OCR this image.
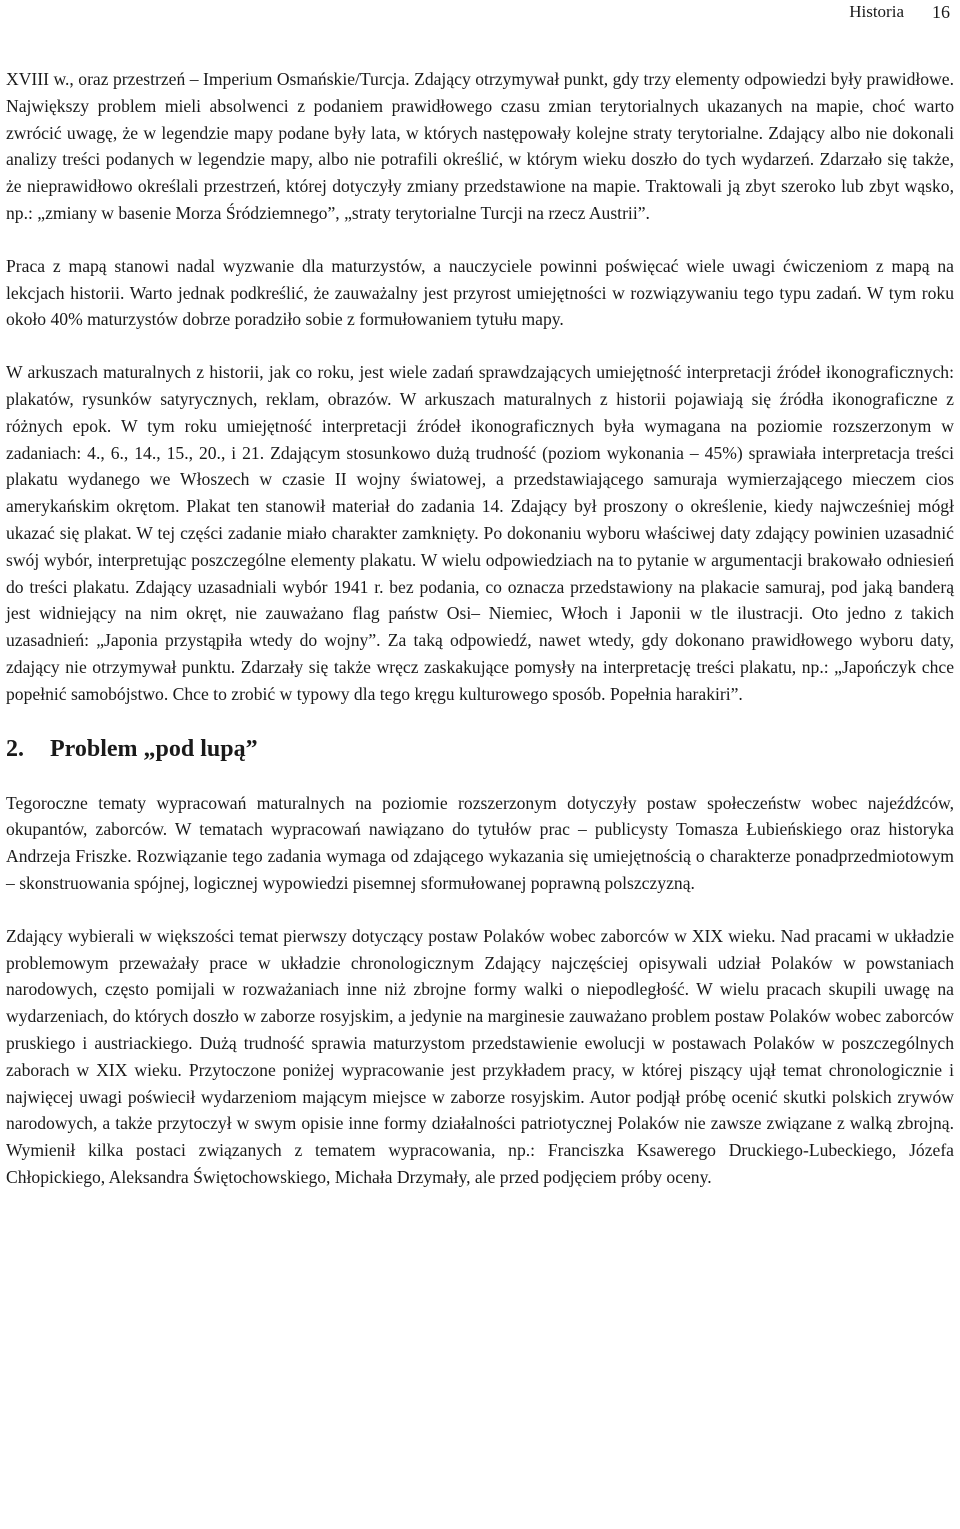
Historia 16

XVIII w., oraz przestrzeń – Imperium Osmańskie/Turcja. Zdający otrzymywał punkt, gdy trzy elementy odpowiedzi były prawidłowe. Największy problem mieli absolwenci z podaniem prawidłowego czasu zmian terytorialnych ukazanych na mapie, choć warto zwrócić uwagę, że w legendzie mapy podane były lata, w których następowały kolejne straty terytorialne. Zdający albo nie dokonali analizy treści podanych w legendzie mapy, albo nie potrafili określić, w którym wieku doszło do tych wydarzeń. Zdarzało się także, że nieprawidłowo określali przestrzeń, której dotyczyły zmiany przedstawione na mapie. Traktowali ją zbyt szeroko lub zbyt wąsko, np.: „zmiany w basenie Morza Śródziemnego”, „straty terytorialne Turcji na rzecz Austrii”.

Praca z mapą stanowi nadal wyzwanie dla maturzystów, a nauczyciele powinni poświęcać wiele uwagi ćwiczeniom z mapą na lekcjach historii. Warto jednak podkreślić, że zauważalny jest przyrost umiejętności w rozwiązywaniu tego typu zadań. W tym roku około 40% maturzystów dobrze poradziło sobie z formułowaniem tytułu mapy.

W arkuszach maturalnych z historii, jak co roku, jest wiele zadań sprawdzających umiejętność interpretacji źródeł ikonograficznych: plakatów, rysunków satyrycznych, reklam, obrazów. W arkuszach maturalnych z historii pojawiają się źródła ikonograficzne z różnych epok. W tym roku umiejętność interpretacji źródeł ikonograficznych była wymagana na poziomie rozszerzonym w zadaniach: 4., 6., 14., 15., 20., i 21. Zdającym stosunkowo dużą trudność (poziom wykonania – 45%) sprawiała interpretacja treści plakatu wydanego we Włoszech w czasie II wojny światowej, a przedstawiającego samuraja wymierzającego mieczem cios amerykańskim okrętom. Plakat ten stanowił materiał do zadania 14. Zdający był proszony o określenie, kiedy najwcześniej mógł ukazać się plakat. W tej części zadanie miało charakter zamknięty. Po dokonaniu wyboru właściwej daty zdający powinien uzasadnić swój wybór, interpretując poszczególne elementy plakatu. W wielu odpowiedziach na to pytanie w argumentacji brakowało odniesień do treści plakatu. Zdający uzasadniali wybór 1941 r. bez podania, co oznacza przedstawiony na plakacie samuraj, pod jaką banderą jest widniejący na nim okręt, nie zauważano flag państw Osi– Niemiec, Włoch i Japonii w tle ilustracji. Oto jedno z takich uzasadnień: „Japonia przystąpiła wtedy do wojny”. Za taką odpowiedź, nawet wtedy, gdy dokonano prawidłowego wyboru daty, zdający nie otrzymywał punktu. Zdarzały się także wręcz zaskakujące pomysły na interpretację treści plakatu, np.: „Japończyk chce popełnić samobójstwo. Chce to zrobić w typowy dla tego kręgu kulturowego sposób. Popełnia harakiri”.

2. Problem „pod lupą”

Tegoroczne tematy wypracowań maturalnych na poziomie rozszerzonym dotyczyły postaw społeczeństw wobec najeźdźców, okupantów, zaborców. W tematach wypracowań nawiązano do tytułów prac – publicysty Tomasza Łubieńskiego oraz historyka Andrzeja Friszke. Rozwiązanie tego zadania wymaga od zdającego wykazania się umiejętnością o charakterze ponadprzedmiotowym – skonstruowania spójnej, logicznej wypowiedzi pisemnej sformułowanej poprawną polszczyzną.

Zdający wybierali w większości temat pierwszy dotyczący postaw Polaków wobec zaborców w XIX wieku. Nad pracami w układzie problemowym przeważały prace w układzie chronologicznym Zdający najczęściej opisywali udział Polaków w powstaniach narodowych, często pomijali w rozważaniach inne niż zbrojne formy walki o niepodległość. W wielu pracach skupili uwagę na wydarzeniach, do których doszło w zaborze rosyjskim, a jedynie na marginesie zauważano problem postaw Polaków wobec zaborców pruskiego i austriackiego. Dużą trudność sprawia maturzystom przedstawienie ewolucji w postawach Polaków w poszczególnych zaborach w XIX wieku. Przytoczone poniżej wypracowanie jest przykładem pracy, w której piszący ujął temat chronologicznie i najwięcej uwagi poświecił wydarzeniom mającym miejsce w zaborze rosyjskim. Autor podjął próbę ocenić skutki polskich zrywów narodowych, a także przytoczył w swym opisie inne formy działalności patriotycznej Polaków nie zawsze związane z walką zbrojną. Wymienił kilka postaci związanych z tematem wypracowania, np.: Franciszka Ksawerego Druckiego-Lubeckiego, Józefa Chłopickiego, Aleksandra Świętochowskiego, Michała Drzymały, ale przed podjęciem próby oceny.
